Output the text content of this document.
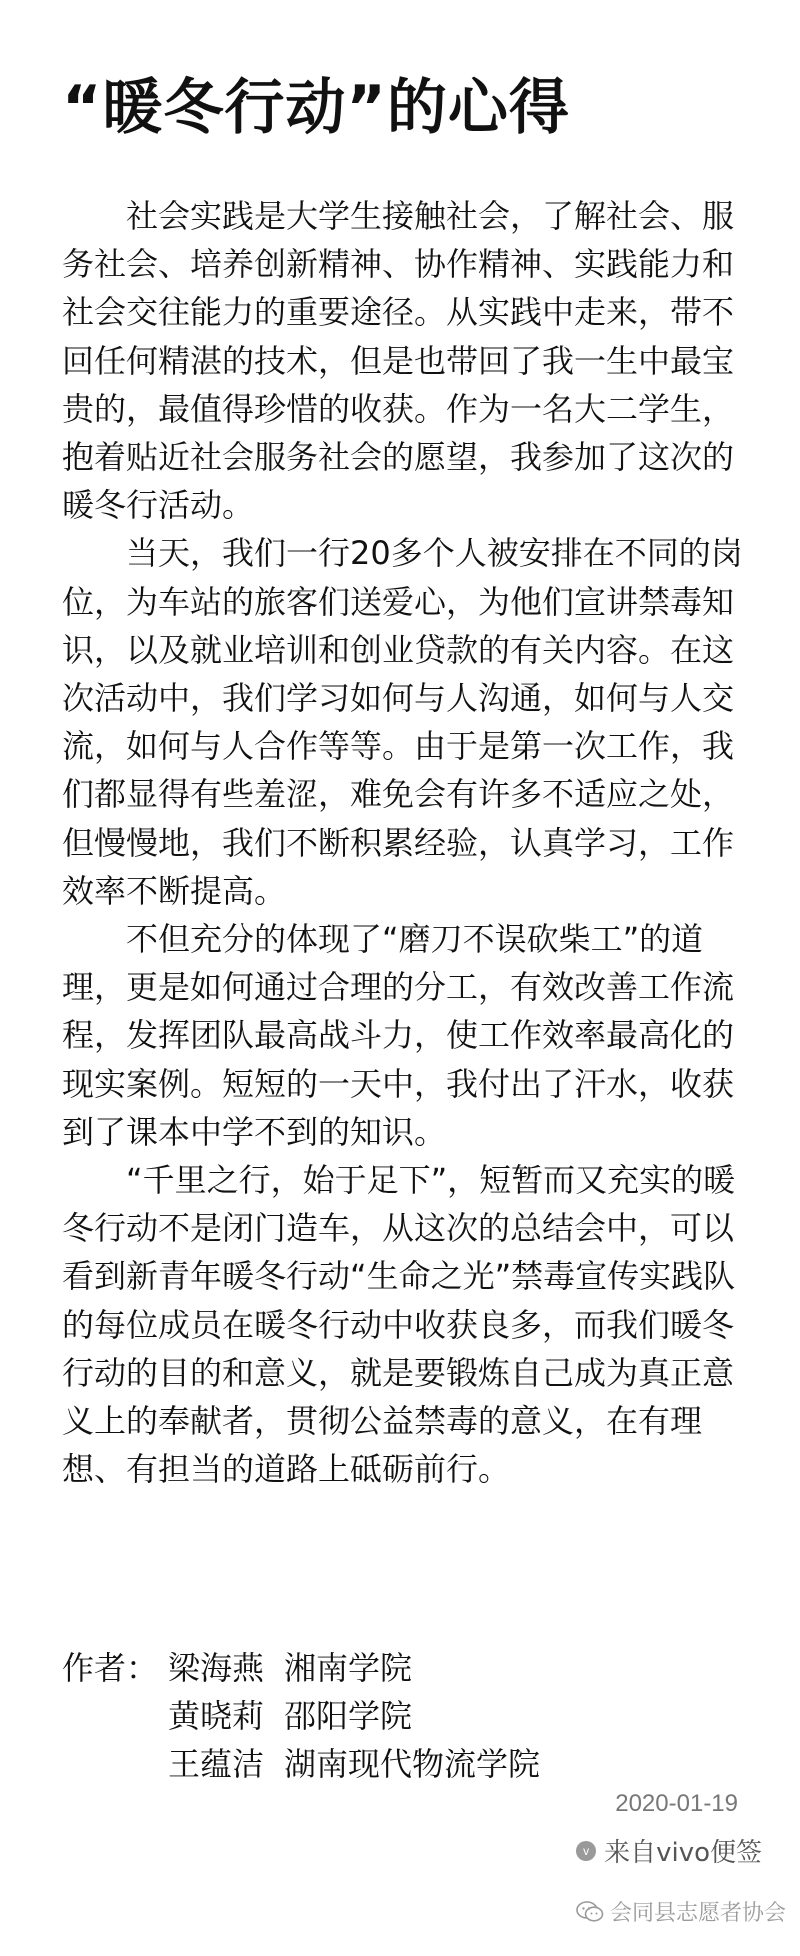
“暖冬行动”的心得

社会实践是大学生接触社会，了解社会、服务社会、培养创新精神、协作精神、实践能力和社会交往能力的重要途径。从实践中走来，带不回任何精湛的技术，但是也带回了我一生中最宝贵的，最值得珍惜的收获。作为一名大二学生，抱着贴近社会服务社会的愿望，我参加了这次的暖冬行活动。

当天，我们一行20多个人被安排在不同的岗位，为车站的旅客们送爱心，为他们宣讲禁毒知识，以及就业培训和创业贷款的有关内容。在这次活动中，我们学习如何与人沟通，如何与人交流，如何与人合作等等。由于是第一次工作，我们都显得有些羞涩，难免会有许多不适应之处，但慢慢地，我们不断积累经验，认真学习，工作效率不断提高。

不但充分的体现了“磨刀不误砍柴工”的道理，更是如何通过合理的分工，有效改善工作流程，发挥团队最高战斗力，使工作效率最高化的现实案例。短短的一天中，我付出了汗水，收获到了课本中学不到的知识。

“千里之行，始于足下”，短暂而又充实的暖冬行动不是闭门造车，从这次的总结会中，可以看到新青年暖冬行动“生命之光”禁毒宣传实践队的每位成员在暖冬行动中收获良多，而我们暖冬行动的目的和意义，就是要锻炼自己成为真正意义上的奉献者，贯彻公益禁毒的意义，在有理想、有担当的道路上砥砺前行。

作者： 梁海燕 湘南学院
黄晓莉 邵阳学院
王蕴洁 湖南现代物流学院
2020-01-19
v 来自vivo便签
会同县志愿者协会
